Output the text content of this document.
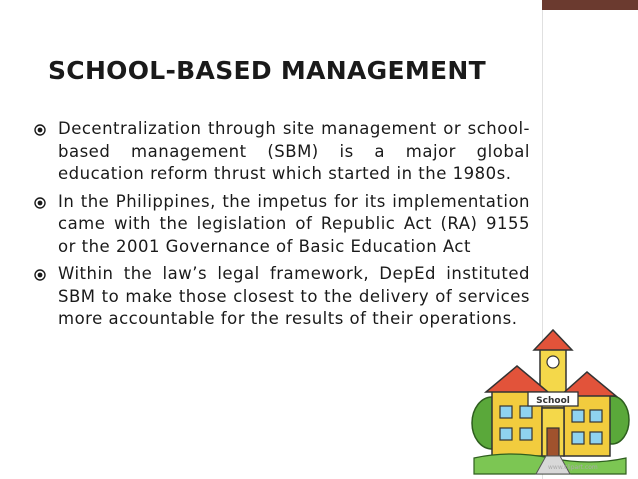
SCHOOL-BASED MANAGEMENT
Decentralization through site management or school-based management (SBM) is a major global education reform thrust which started in the 1980s.
In the Philippines, the impetus for its implementation came with the legislation of Republic Act (RA) 9155 or the 2001 Governance of Basic Education Act
Within the law’s legal framework, DepEd instituted SBM to make those closest to the delivery of services more accountable for the results of their operations.
School
www.clipart.com
